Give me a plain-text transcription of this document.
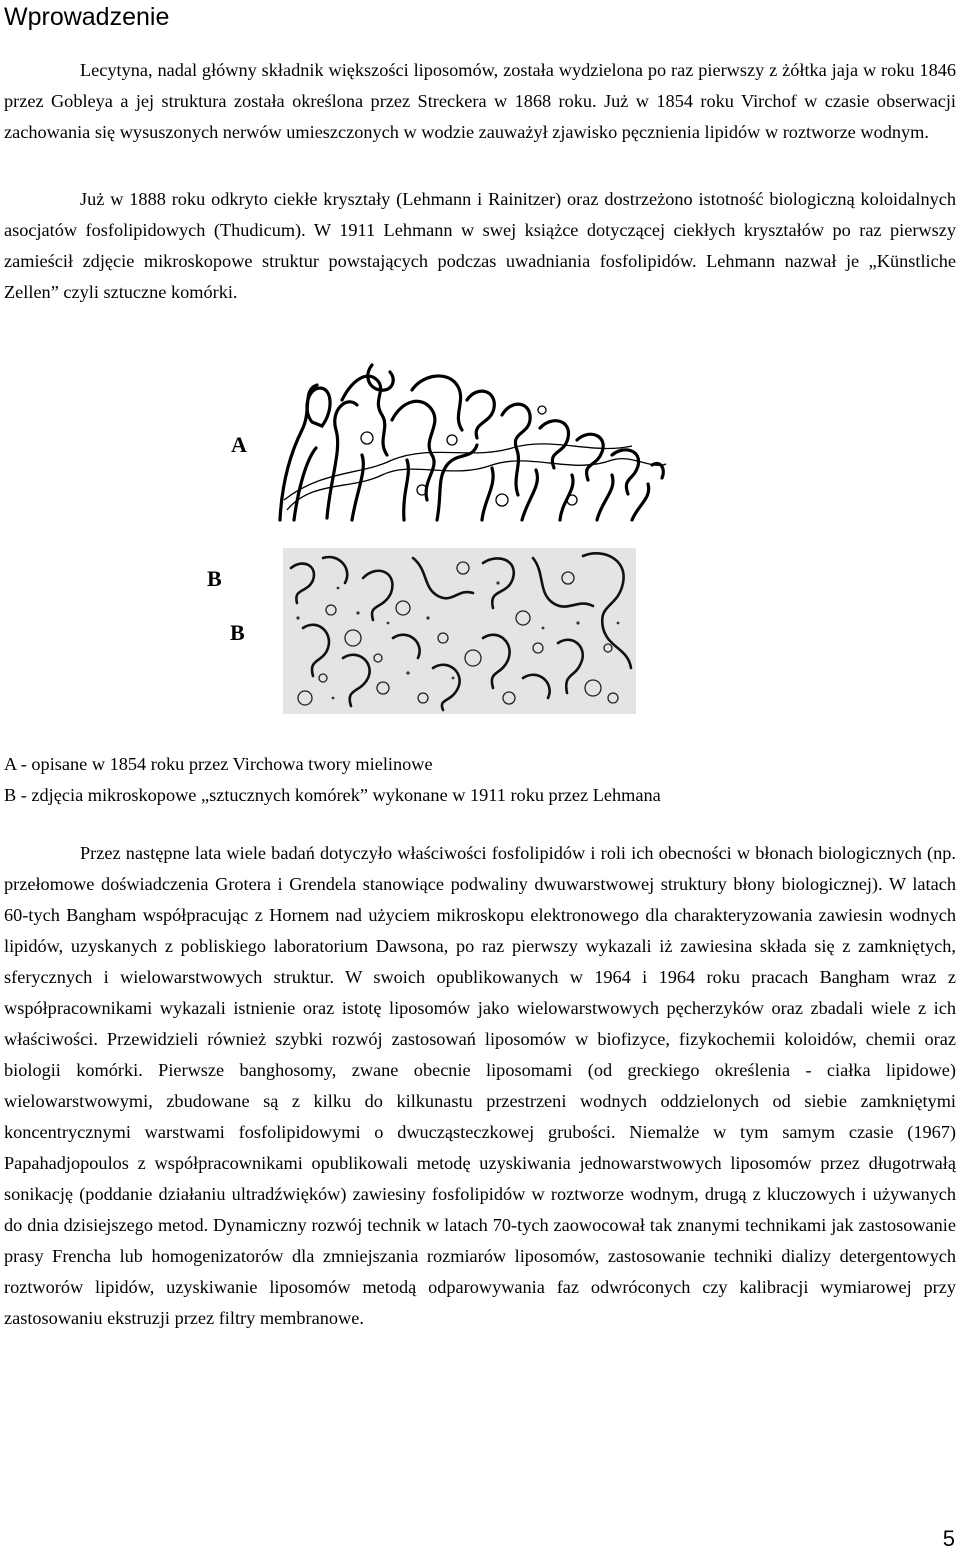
Wprowadzenie

Lecytyna, nadal główny składnik większości liposomów, została wydzielona po raz pierwszy z żółtka jaja w roku 1846 przez Gobleya a jej struktura została określona przez Streckera w 1868 roku. Już w 1854 roku Virchof w czasie obserwacji zachowania się wysuszonych nerwów umieszczonych w wodzie zauważył zjawisko pęcznienia lipidów w roztworze wodnym.

Już w 1888 roku odkryto ciekłe kryształy (Lehmann i Rainitzer) oraz dostrzeżono istotność biologiczną koloidalnych asocjatów fosfolipidowych (Thudicum). W 1911 Lehmann w swej książce dotyczącej ciekłych kryształów po raz pierwszy zamieścił zdjęcie mikroskopowe struktur powstających podczas uwadniania fosfolipidów. Lehmann nazwał je „Künstliche Zellen” czyli sztuczne komórki.

A
B
B

A - opisane w 1854 roku przez Virchowa twory mielinowe

B - zdjęcia mikroskopowe „sztucznych komórek” wykonane w 1911 roku przez Lehmana

Przez następne lata wiele badań dotyczyło właściwości fosfolipidów i roli ich obecności w błonach biologicznych (np. przełomowe doświadczenia Grotera i Grendela stanowiące podwaliny dwuwarstwowej struktury błony biologicznej). W latach 60-tych Bangham współpracując z Hornem nad użyciem mikroskopu elektronowego dla charakteryzowania zawiesin wodnych lipidów, uzyskanych z pobliskiego laboratorium Dawsona, po raz pierwszy wykazali iż zawiesina składa się z zamkniętych, sferycznych i wielowarstwowych struktur. W swoich opublikowanych w 1964 i 1964 roku pracach Bangham wraz z współpracownikami wykazali istnienie oraz istotę liposomów jako wielowarstwowych pęcherzyków oraz zbadali wiele z ich właściwości. Przewidzieli również szybki rozwój zastosowań liposomów w biofizyce, fizykochemii koloidów, chemii oraz biologii komórki. Pierwsze banghosomy, zwane obecnie liposomami (od greckiego określenia - ciałka lipidowe) wielowarstwowymi, zbudowane są z kilku do kilkunastu przestrzeni wodnych oddzielonych od siebie zamkniętymi koncentrycznymi warstwami fosfolipidowymi o dwucząsteczkowej grubości. Niemalże w tym samym czasie (1967) Papahadjopoulos z współpracownikami opublikowali metodę uzyskiwania jednowarstwowych liposomów przez długotrwałą sonikację (poddanie działaniu ultradźwięków) zawiesiny fosfolipidów w roztworze wodnym, drugą z kluczowych i używanych do dnia dzisiejszego metod. Dynamiczny rozwój technik w latach 70-tych zaowocował tak znanymi technikami jak zastosowanie prasy Frencha lub homogenizatorów dla zmniejszania rozmiarów liposomów, zastosowanie techniki dializy detergentowych roztworów lipidów, uzyskiwanie liposomów metodą odparowywania faz odwróconych czy kalibracji wymiarowej przy zastosowaniu ekstruzji przez filtry membranowe.

5
